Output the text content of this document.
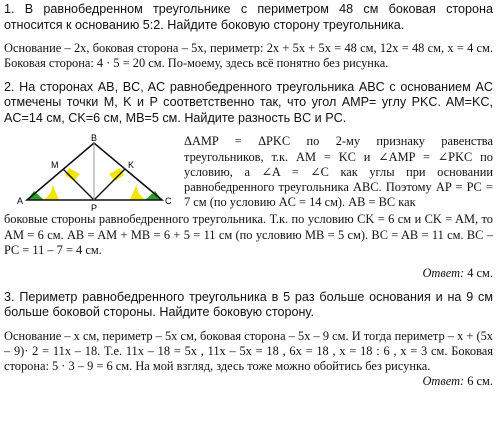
1. В равнобедренном треугольнике с периметром 48 см боковая сторона относится к основанию 5:2. Найдите боковую сторону треугольника.
Основание – 2x, боковая сторона – 5x, периметр: 2x + 5x + 5x = 48 см, 12x = 48 см, x = 4 см. Боковая сторона: 4 · 5 = 20 см. По-моему, здесь всё понятно без рисунка.
2. На сторонах AB, BC, AC равнобедренного треугольника ABC с основанием AC отмечены точки M, K и P соответственно так, что угол AMP= углу PKC. AM=KC, AC=14 см, CK=6 см, MB=5 см. Найдите разность BC и PC.
B
M	K
A	C
P
ΔAMP = ΔPKC по 2-му признаку равенства треугольников, т.к. AM = KC и ∠AMP = ∠PKC по условию, а ∠A = ∠C как углы при основании равнобедренного треугольника ABC. Поэтому AP = PC = 7 см (по условию AC = 14 см). AB = BC как
боковые стороны равнобедренного треугольника. Т.к. по условию CK = 6 см и CK = AM, то AM = 6 см. AB = AM + MB = 6 + 5 = 11 см (по условию MB = 5 см). BC = AB = 11 см. BC – PC = 11 – 7 = 4 см.
Ответ: 4 см.
3. Периметр равнобедренного треугольника в 5 раз больше основания и на 9 см больше боковой стороны. Найдите боковую сторону.
Основание – x см, периметр – 5x см, боковая сторона – 5x – 9 см. И тогда периметр – x + (5x – 9)· 2 = 11x – 18. Т.е. 11x – 18 = 5x , 11x – 5x = 18 , 6x = 18 , x = 18 : 6 , x = 3 см. Боковая сторона: 5 · 3 – 9 = 6 см. На мой взгляд, здесь тоже можно обойтись без рисунка.
Ответ: 6 см.
